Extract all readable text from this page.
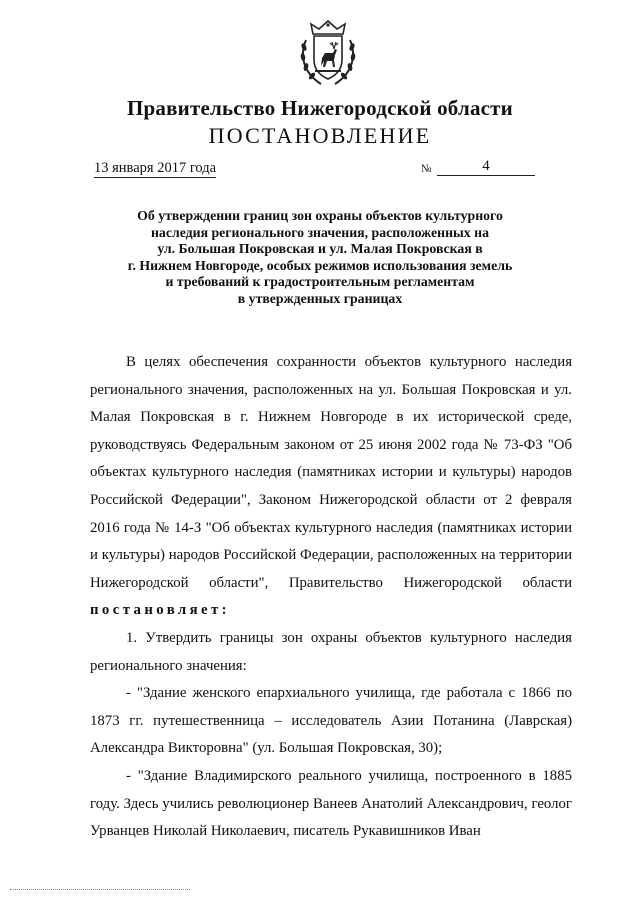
Правительство Нижегородской области
ПОСТАНОВЛЕНИЕ
13 января 2017 года	№	4
Об утверждении границ зон охраны объектов культурного
наследия регионального значения, расположенных на
ул. Большая Покровская и ул. Малая Покровская в
г. Нижнем Новгороде, особых режимов использования земель
и требований к градостроительным регламентам
в утвержденных границах

В целях обеспечения сохранности объектов культурного наследия регионального значения, расположенных на ул. Большая Покровская и ул. Малая Покровская в г. Нижнем Новгороде в их исторической среде, руководствуясь Федеральным законом от 25 июня 2002 года № 73-ФЗ "Об объектах культурного наследия (памятниках истории и культуры) народов Российской Федерации", Законом Нижегородской области от 2 февраля 2016 года № 14-З "Об объектах культурного наследия (памятниках истории и культуры) народов Российской Федерации, расположенных на территории Нижегородской области", Правительство Нижегородской области постановляет:

1. Утвердить границы зон охраны объектов культурного наследия регионального значения:

- "Здание женского епархиального училища, где работала с 1866 по 1873 гг. путешественница – исследователь Азии Потанина (Лаврская) Александра Викторовна" (ул. Большая Покровская, 30);

- "Здание Владимирского реального училища, построенного в 1885 году. Здесь учились революционер Ванеев Анатолий Александрович, геолог Урванцев Николай Николаевич, писатель Рукавишников Иван
